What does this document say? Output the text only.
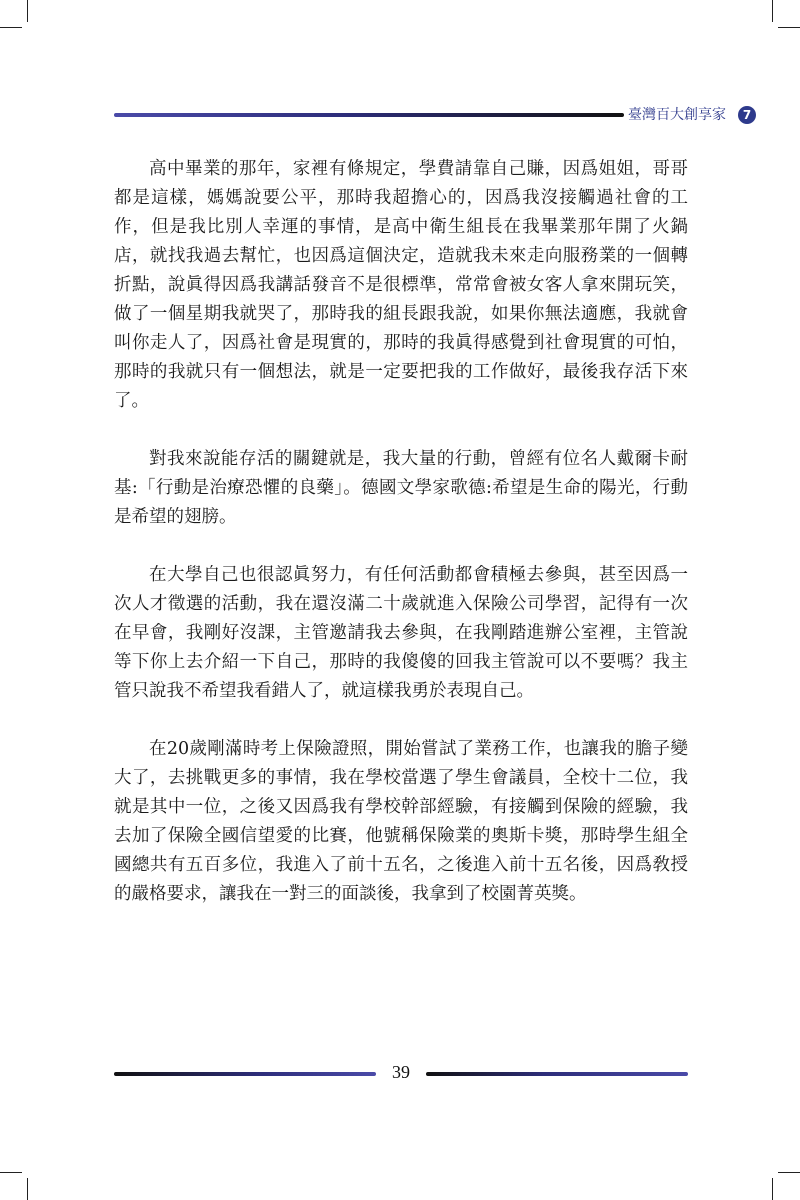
臺灣百大創享家	7

高中畢業的那年，家裡有條規定，學費請靠自己賺，因爲姐姐，哥哥都是這樣，媽媽說要公平，那時我超擔心的，因爲我沒接觸過社會的工作，但是我比別人幸運的事情，是高中衛生組長在我畢業那年開了火鍋店，就找我過去幫忙，也因爲這個決定，造就我未來走向服務業的一個轉折點，說眞得因爲我講話發音不是很標準，常常會被女客人拿來開玩笑，做了一個星期我就哭了，那時我的組長跟我說，如果你無法適應，我就會叫你走人了，因爲社會是現實的，那時的我眞得感覺到社會現實的可怕， 那時的我就只有一個想法，就是一定要把我的工作做好，最後我存活下來了。

對我來說能存活的關鍵就是，我大量的行動，曾經有位名人戴爾卡耐基:「行動是治療恐懼的良藥」。德國文學家歌德:希望是生命的陽光，行動是希望的翅膀。

在大學自己也很認眞努力，有任何活動都會積極去參與，甚至因爲一次人才徵選的活動，我在還沒滿二十歲就進入保險公司學習，記得有一次在早會，我剛好沒課，主管邀請我去參與，在我剛踏進辦公室裡，主管說等下你上去介紹一下自己，那時的我傻傻的回我主管說可以不要嗎？我主管只說我不希望我看錯人了，就這樣我勇於表現自己。

在20歲剛滿時考上保險證照，開始嘗試了業務工作，也讓我的膽子變大了，去挑戰更多的事情，我在學校當選了學生會議員，全校十二位，我就是其中一位，之後又因爲我有學校幹部經驗，有接觸到保險的經驗，我去加了保險全國信望愛的比賽，他號稱保險業的奧斯卡獎，那時學生組全國總共有五百多位，我進入了前十五名，之後進入前十五名後，因爲敎授的嚴格要求，讓我在一對三的面談後，我拿到了校園菁英獎。

39
